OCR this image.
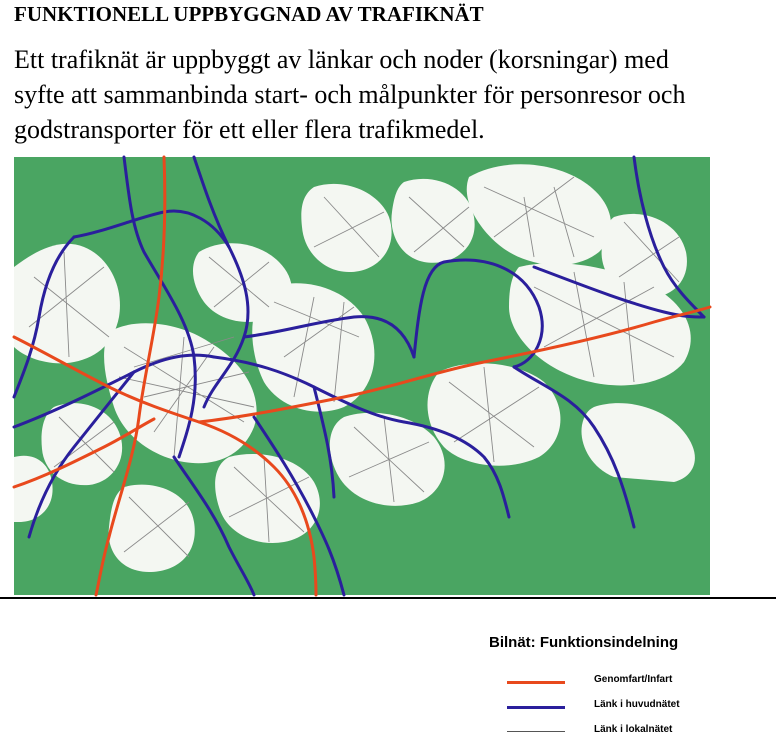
FUNKTIONELL UPPBYGGNAD AV TRAFIKNÄT
Ett trafiknät är uppbyggt av länkar och noder (korsningar) med
syfte att sammanbinda start- och målpunkter för personresor och
godstransporter för ett eller flera trafikmedel.
Bilnät: Funktionsindelning
Genomfart/Infart
Länk i huvudnätet
Länk i lokalnätet
